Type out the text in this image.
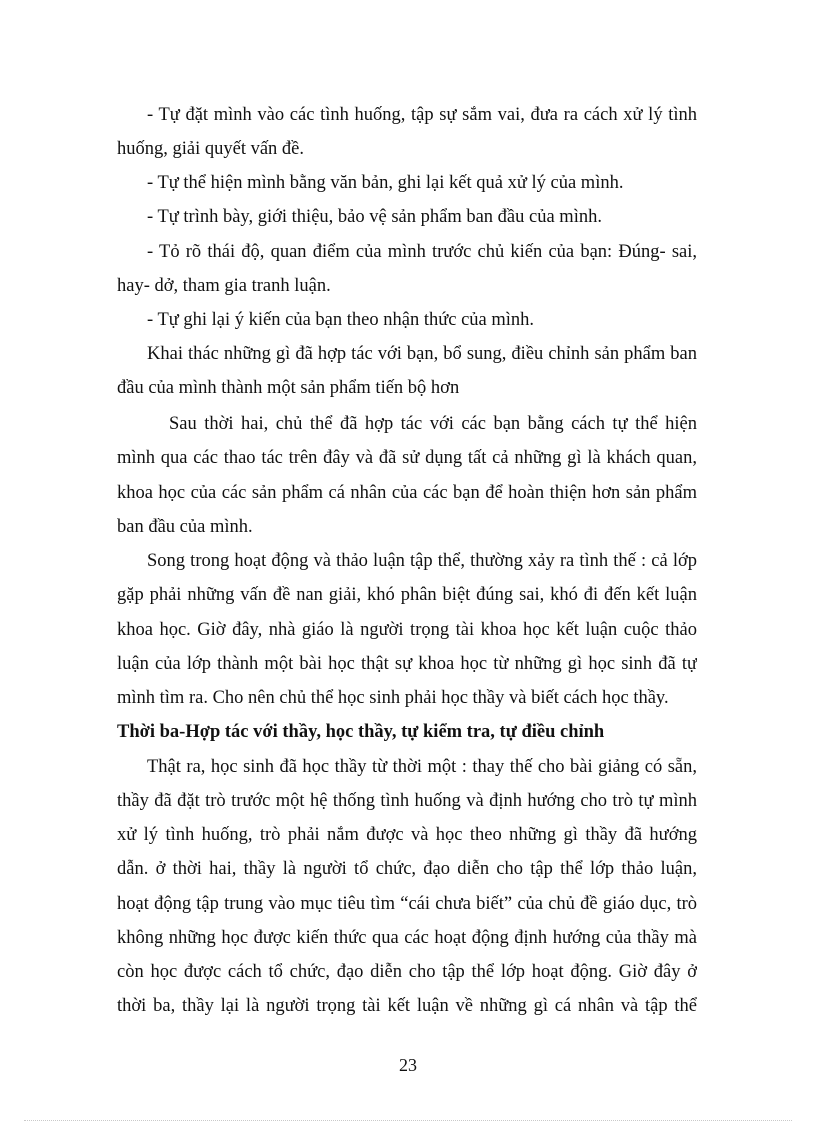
- Tự đặt mình vào các tình huống, tập sự sắm vai, đưa ra cách xử lý tình

huống, giải quyết vấn đề.

- Tự thể hiện mình bằng văn bản, ghi lại kết quả xử lý của mình.

- Tự trình bày, giới thiệu, bảo vệ sản phẩm ban đầu của mình.

- Tỏ rõ thái độ, quan điểm của mình trước chủ kiến của bạn: Đúng- sai,

hay- dở, tham gia tranh luận.

- Tự ghi lại ý kiến của bạn theo nhận thức của mình.

Khai thác những gì đã hợp tác với bạn, bổ sung, điều chỉnh sản phẩm ban

đầu của mình thành một sản phẩm tiến bộ hơn

Sau thời hai, chủ thể đã hợp tác với các bạn bằng cách tự thể hiện

mình qua các thao tác trên đây và đã sử dụng tất cả những gì là khách quan,

khoa học của các sản phẩm cá nhân của các bạn để hoàn thiện hơn sản phẩm

ban đầu của mình.

Song trong hoạt động và thảo luận tập thể, thường xảy ra tình thế : cả lớp

gặp phải những vấn đề nan giải, khó phân biệt đúng sai, khó đi đến kết luận

khoa học. Giờ đây, nhà giáo là người trọng tài khoa học kết luận cuộc thảo

luận của lớp thành một bài học thật sự khoa học từ những gì học sinh đã tự

mình tìm ra. Cho nên chủ thể học sinh phải học thầy và biết cách học thầy.

Thời ba-Hợp tác với thầy, học thầy, tự kiểm tra, tự điều chỉnh

Thật ra, học sinh đã học thầy từ thời một : thay thế cho bài giảng có sẵn,

thầy đã đặt trò trước một hệ thống tình huống và định hướng cho trò tự mình

xử lý tình huống, trò phải nắm được và học theo những gì thầy đã hướng

dẫn. ở thời hai, thầy là người tổ chức, đạo diễn cho tập thể lớp thảo luận,

hoạt động tập trung vào mục tiêu tìm “cái chưa biết” của chủ đề giáo dục, trò

không những học được kiến thức qua các hoạt động định hướng của thầy mà

còn học được cách tổ chức, đạo diễn cho tập thể lớp hoạt động. Giờ đây ở

thời ba, thầy lại là người trọng tài kết luận về những gì cá nhân và tập thể

23
